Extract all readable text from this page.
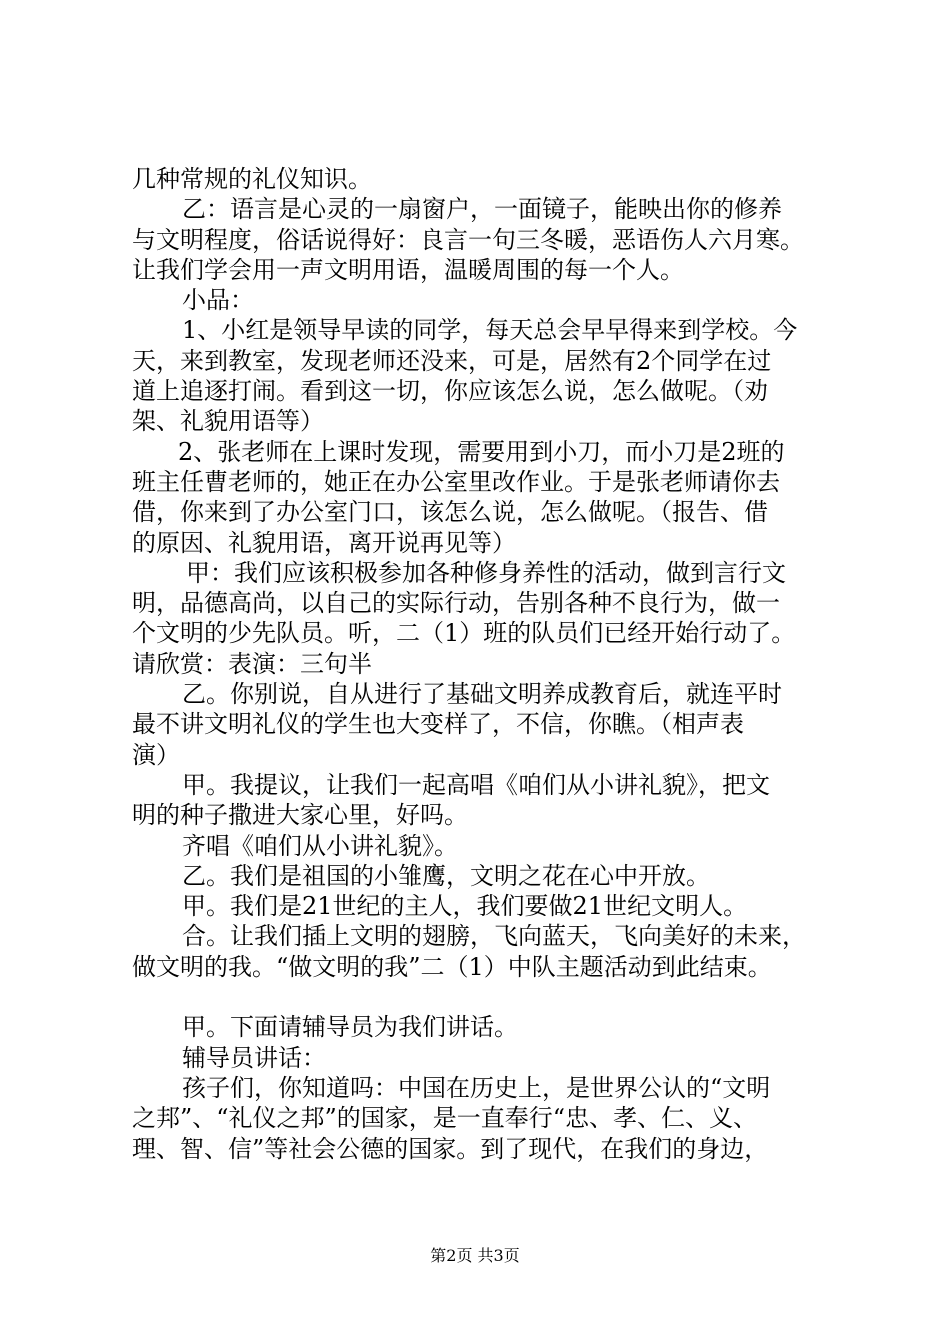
几种常规的礼仪知识。
乙：语言是心灵的一扇窗户，一面镜子，能映出你的修养
与文明程度，俗话说得好：良言一句三冬暖，恶语伤人六月寒。
让我们学会用一声文明用语，温暖周围的每一个人。
小品：
1、小红是领导早读的同学，每天总会早早得来到学校。今
天，来到教室，发现老师还没来，可是，居然有2个同学在过
道上追逐打闹。看到这一切，你应该怎么说，怎么做呢。（劝
架、礼貌用语等）
2、张老师在上课时发现，需要用到小刀，而小刀是2班的
班主任曹老师的，她正在办公室里改作业。于是张老师请你去
借，你来到了办公室门口，该怎么说，怎么做呢。（报告、借
的原因、礼貌用语，离开说再见等）
甲：我们应该积极参加各种修身养性的活动，做到言行文
明，品德高尚，以自己的实际行动，告别各种不良行为，做一
个文明的少先队员。听，二（1）班的队员们已经开始行动了。
请欣赏：表演：三句半
乙。你别说，自从进行了基础文明养成教育后，就连平时
最不讲文明礼仪的学生也大变样了，不信，你瞧。（相声表
演）
甲。我提议，让我们一起高唱《咱们从小讲礼貌》，把文
明的种子撒进大家心里，好吗。
齐唱《咱们从小讲礼貌》。
乙。我们是祖国的小雏鹰，文明之花在心中开放。
甲。我们是21世纪的主人，我们要做21世纪文明人。
合。让我们插上文明的翅膀，飞向蓝天，飞向美好的未来，
做文明的我。“做文明的我”二（1）中队主题活动到此结束。
甲。下面请辅导员为我们讲话。
辅导员讲话：
孩子们，你知道吗：中国在历史上，是世界公认的“文明
之邦”、“礼仪之邦”的国家，是一直奉行“忠、孝、仁、义、
理、智、信”等社会公德的国家。到了现代，在我们的身边，
第2页 共3页
